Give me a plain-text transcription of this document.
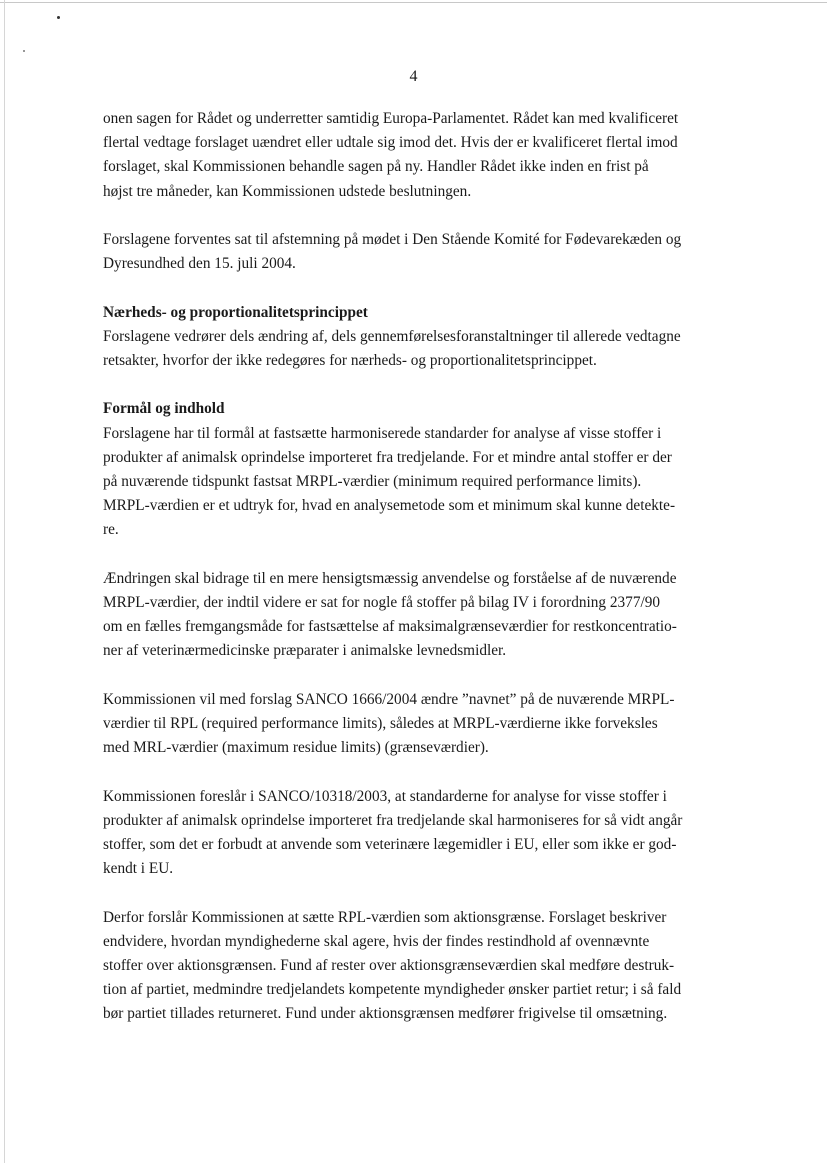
4
onen sagen for Rådet og underretter samtidig Europa-Parlamentet. Rådet kan med kvalificeret
flertal vedtage forslaget uændret eller udtale sig imod det. Hvis der er kvalificeret flertal imod
forslaget, skal Kommissionen behandle sagen på ny. Handler Rådet ikke inden en frist på
højst tre måneder, kan Kommissionen udstede beslutningen.
Forslagene forventes sat til afstemning på mødet i Den Stående Komité for Fødevarekæden og
Dyresundhed den 15. juli 2004.
Nærheds- og proportionalitetsprincippet
Forslagene vedrører dels ændring af, dels gennemførelsesforanstaltninger til allerede vedtagne
retsakter, hvorfor der ikke redegøres for nærheds- og proportionalitetsprincippet.
Formål og indhold
Forslagene har til formål at fastsætte harmoniserede standarder for analyse af visse stoffer i
produkter af animalsk oprindelse importeret fra tredjelande. For et mindre antal stoffer er der
på nuværende tidspunkt fastsat MRPL-værdier (minimum required performance limits).
MRPL-værdien er et udtryk for, hvad en analysemetode som et minimum skal kunne detekte-
re.
Ændringen skal bidrage til en mere hensigtsmæssig anvendelse og forståelse af de nuværende
MRPL-værdier, der indtil videre er sat for nogle få stoffer på bilag IV i forordning 2377/90
om en fælles fremgangsmåde for fastsættelse af maksimalgrænseværdier for restkoncentratio-
ner af veterinærmedicinske præparater i animalske levnedsmidler.
Kommissionen vil med forslag SANCO 1666/2004 ændre ”navnet” på de nuværende MRPL-
værdier til RPL (required performance limits), således at MRPL-værdierne ikke forveksles
med MRL-værdier (maximum residue limits) (grænseværdier).
Kommissionen foreslår i SANCO/10318/2003, at standarderne for analyse for visse stoffer i
produkter af animalsk oprindelse importeret fra tredjelande skal harmoniseres for så vidt angår
stoffer, som det er forbudt at anvende som veterinære lægemidler i EU, eller som ikke er god-
kendt i EU.
Derfor forslår Kommissionen at sætte RPL-værdien som aktionsgrænse. Forslaget beskriver
endvidere, hvordan myndighederne skal agere, hvis der findes restindhold af ovennævnte
stoffer over aktionsgrænsen. Fund af rester over aktionsgrænseværdien skal medføre destruk-
tion af partiet, medmindre tredjelandets kompetente myndigheder ønsker partiet retur; i så fald
bør partiet tillades returneret. Fund under aktionsgrænsen medfører frigivelse til omsætning.
